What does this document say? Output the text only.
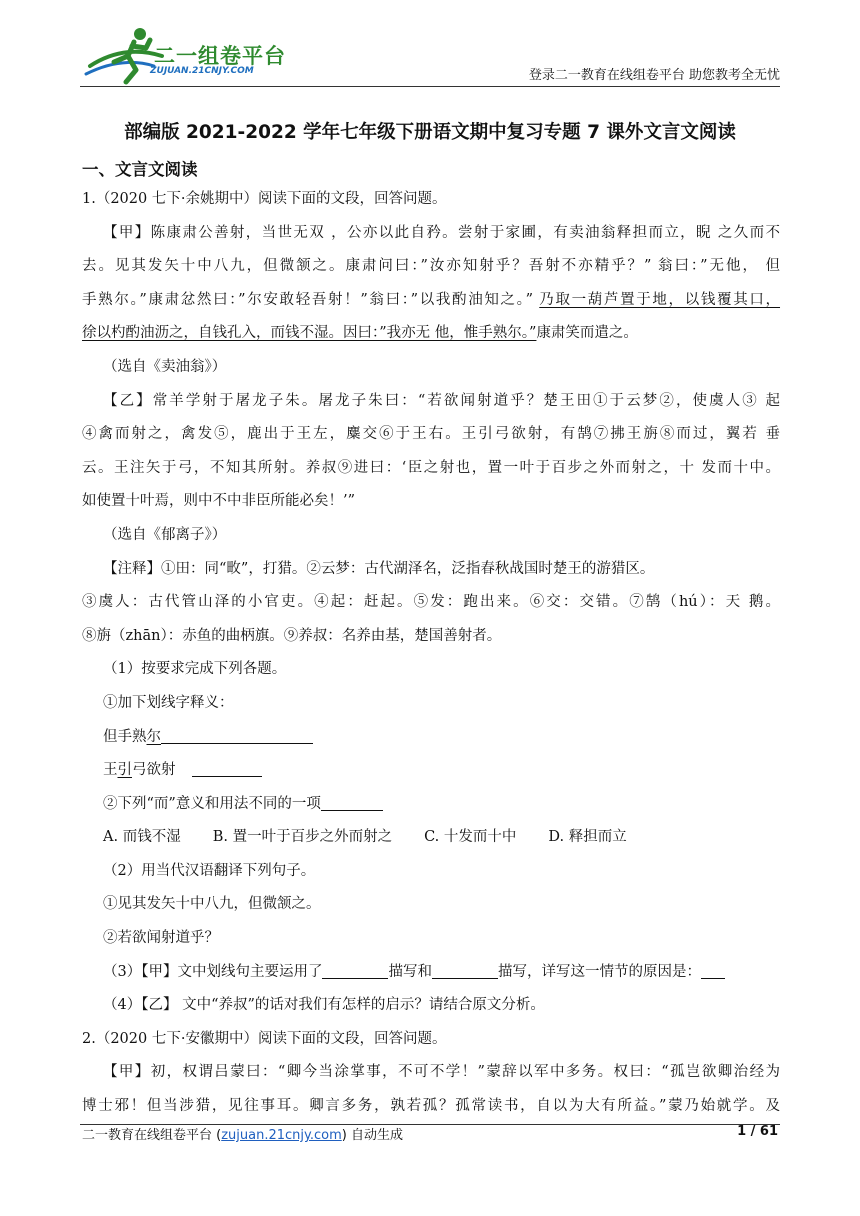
二一组卷平台
ZUJUAN.21CNJY.COM	登录二一教育在线组卷平台 助您教考全无忧
部编版 2021-2022 学年七年级下册语文期中复习专题 7 课外文言文阅读
一、文言文阅读

1.（2020 七下·余姚期中）阅读下面的文段，回答问题。

【甲】陈康肃公善射，当世无双 ，公亦以此自矜。尝射于家圃，有卖油翁释担而立，睨 之久而不

去。见其发矢十中八九，但微颔之。康肃问曰：”汝亦知射乎？吾射不亦精乎？” 翁曰：”无他， 但

手熟尔。”康肃忿然曰：”尔安敢轻吾射！”翁曰：”以我酌油知之。” 乃取一葫芦置于地，以钱覆其口，

徐以杓酌油沥之，自钱孔入，而钱不湿。因曰：”我亦无 他，惟手熟尔。”康肃笑而遣之。

（选自《卖油翁》）

【乙】常羊学射于屠龙子朱。屠龙子朱曰：“若欲闻射道乎？楚王田①于云梦②，使虞人③ 起

④禽而射之，禽发⑤，鹿出于王左，麋交⑥于王右。王引弓欲射，有鹄⑦拂王旃⑧而过，翼若 垂

云。王注矢于弓，不知其所射。养叔⑨进曰：‘臣之射也，置一叶于百步之外而射之，十 发而十中。

如使置十叶焉，则中不中非臣所能必矣！’”

（选自《郁离子》）

【注释】①田：同“畋”，打猎。②云梦：古代湖泽名，泛指春秋战国时楚王的游猎区。

③虞人：古代管山泽的小官吏。④起：赶起。⑤发：跑出来。⑥交：交错。⑦鹄（hú）：天 鹅。

⑧旃（zhān）：赤鱼的曲柄旗。⑨养叔：名养由基，楚国善射者。

（1）按要求完成下列各题。

①加下划线字释义：

但手熟尔

王引弓欲射

②下列“而”意义和用法不同的一项

A. 而钱不湿 B. 置一叶于百步之外而射之 C. 十发而十中 D. 释担而立

（2）用当代汉语翻译下列句子。

①见其发矢十中八九，但微颔之。

②若欲闻射道乎？

（3）【甲】文中划线句主要运用了	描写和	描写，详写这一情节的原因是：

（4）【乙】 文中“养叔”的话对我们有怎样的启示？请结合原文分析。

2.（2020 七下·安徽期中）阅读下面的文段，回答问题。

【甲】初，权谓吕蒙曰：“卿今当涂掌事，不可不学！”蒙辞以军中多务。权曰：“孤岂欲卿治经为

博士邪！但当涉猎，见往事耳。卿言多务，孰若孤？孤常读书，自以为大有所益。”蒙乃始就学。及

二一教育在线组卷平台 (zujuan.21cnjy.com) 自动生成	1 / 61
